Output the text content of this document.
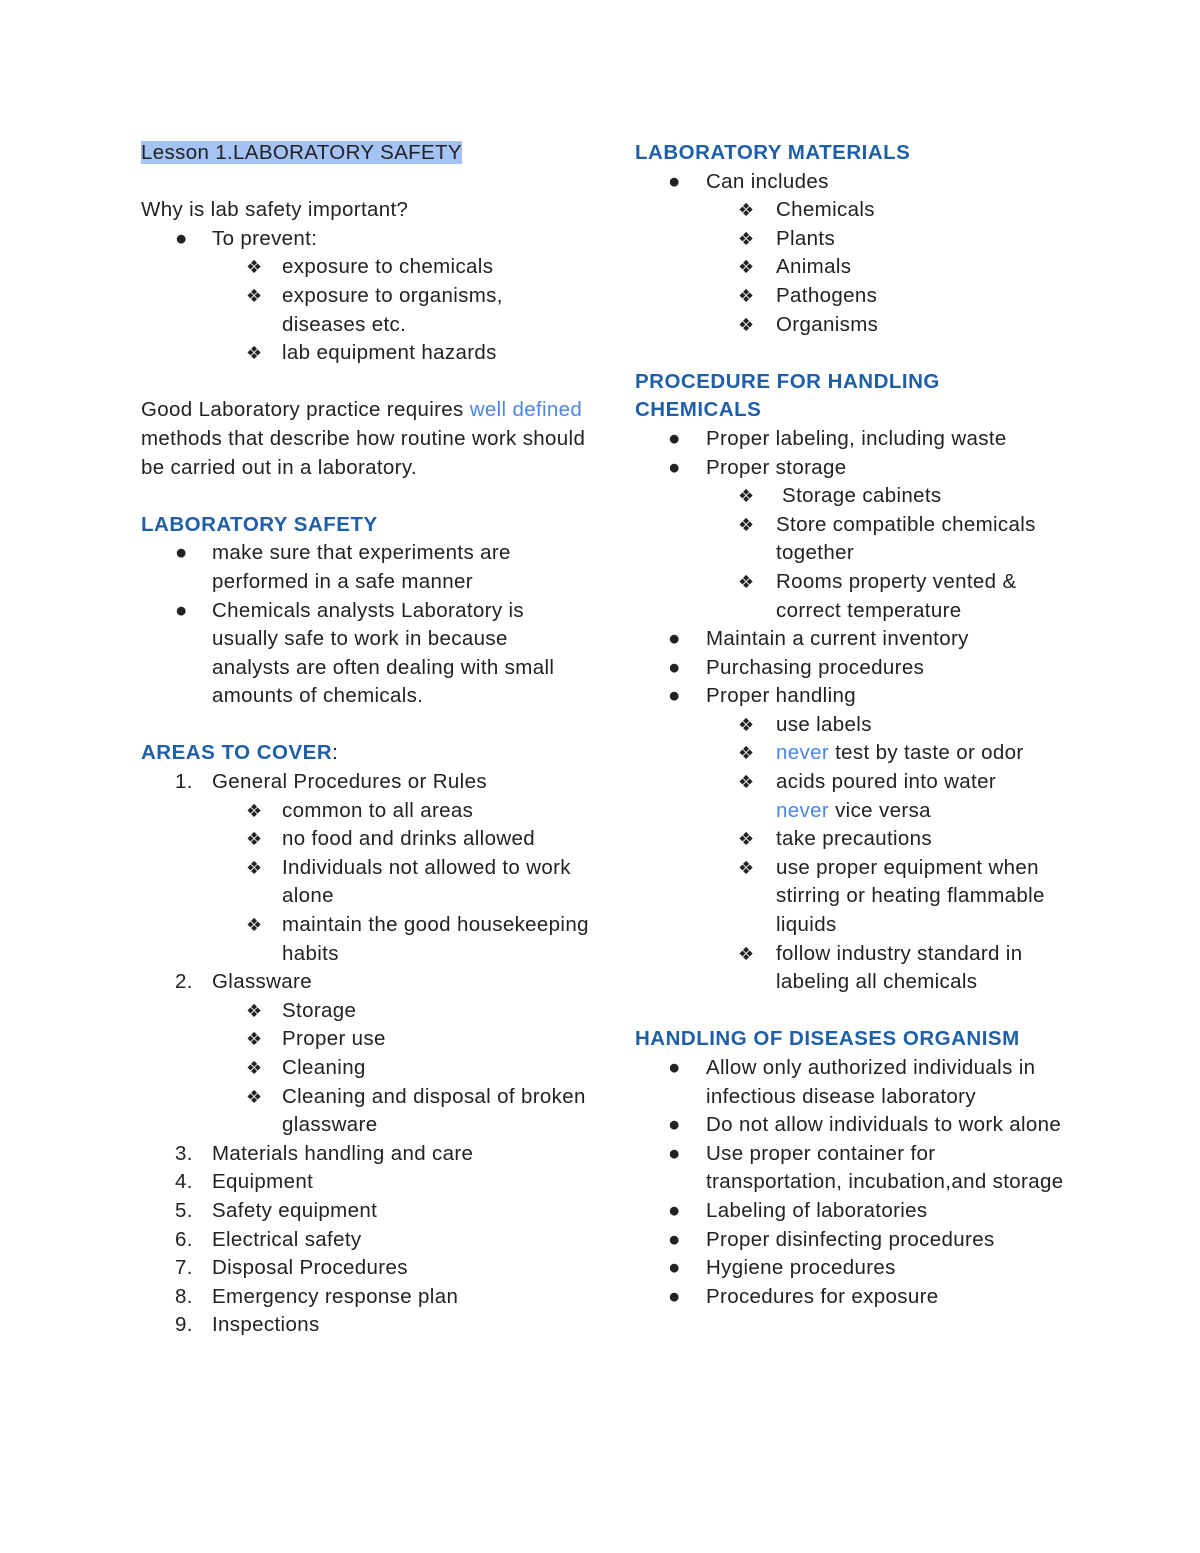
Lesson 1.LABORATORY SAFETY
Why is lab safety important?
● To prevent:
❖ exposure to chemicals
❖ exposure to organisms, diseases etc.
❖ lab equipment hazards
Good Laboratory practice requires well defined methods that describe how routine work should be carried out in a laboratory.
LABORATORY SAFETY
● make sure that experiments are performed in a safe manner
● Chemicals analysts Laboratory is usually safe to work in because analysts are often dealing with small amounts of chemicals.
AREAS TO COVER:
1. General Procedures or Rules
❖ common to all areas
❖ no food and drinks allowed
❖ Individuals not allowed to work alone
❖ maintain the good housekeeping habits
2. Glassware
❖ Storage
❖ Proper use
❖ Cleaning
❖ Cleaning and disposal of broken glassware
3. Materials handling and care
4. Equipment
5. Safety equipment
6. Electrical safety
7. Disposal Procedures
8. Emergency response plan
9. Inspections
LABORATORY MATERIALS
● Can includes
❖ Chemicals
❖ Plants
❖ Animals
❖ Pathogens
❖ Organisms
PROCEDURE FOR HANDLING
CHEMICALS
● Proper labeling, including waste
● Proper storage
❖ Storage cabinets
❖ Store compatible chemicals together
❖ Rooms property vented & correct temperature
● Maintain a current inventory
● Purchasing procedures
● Proper handling
❖ use labels
❖ never test by taste or odor
❖ acids poured into water
never vice versa
❖ take precautions
❖ use proper equipment when stirring or heating flammable liquids
❖ follow industry standard in labeling all chemicals
HANDLING OF DISEASES ORGANISM
● Allow only authorized individuals in infectious disease laboratory
● Do not allow individuals to work alone
● Use proper container for transportation, incubation,and storage
● Labeling of laboratories
● Proper disinfecting procedures
● Hygiene procedures
● Procedures for exposure
